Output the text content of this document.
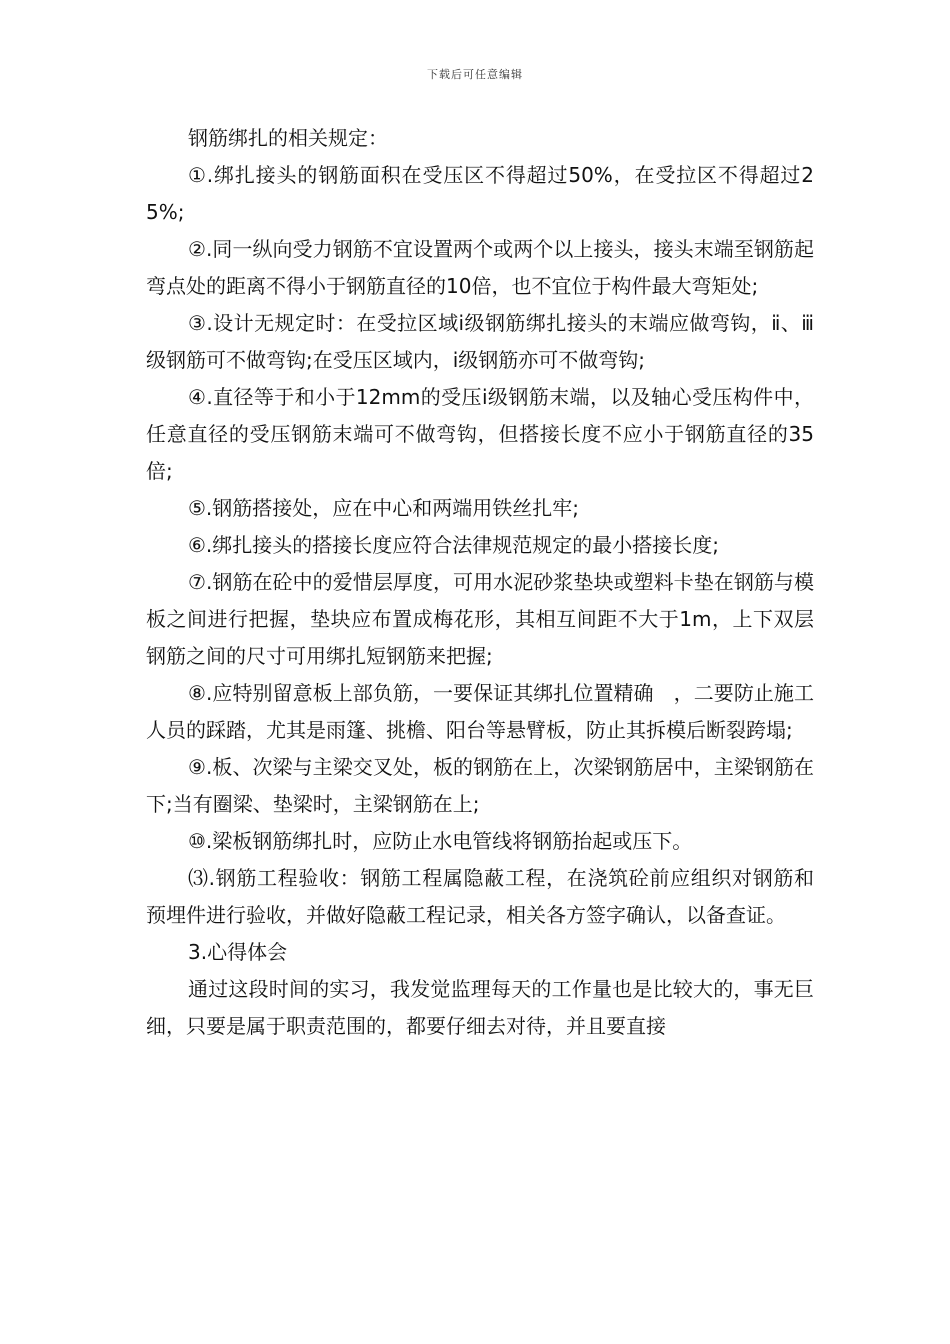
下载后可任意编辑

钢筋绑扎的相关规定：

①.绑扎接头的钢筋面积在受压区不得超过50%，在受拉区不得超过25%;

②.同一纵向受力钢筋不宜设置两个或两个以上接头，接头末端至钢筋起弯点处的距离不得小于钢筋直径的10倍，也不宜位于构件最大弯矩处;

③.设计无规定时：在受拉区域ⅰ级钢筋绑扎接头的末端应做弯钩，ⅱ、ⅲ级钢筋可不做弯钩;在受压区域内，ⅰ级钢筋亦可不做弯钩;

④.直径等于和小于12mm的受压ⅰ级钢筋末端，以及轴心受压构件中，任意直径的受压钢筋末端可不做弯钩，但搭接长度不应小于钢筋直径的35倍;

⑤.钢筋搭接处，应在中心和两端用铁丝扎牢;

⑥.绑扎接头的搭接长度应符合法律规范规定的最小搭接长度;

⑦.钢筋在砼中的爱惜层厚度，可用水泥砂浆垫块或塑料卡垫在钢筋与模板之间进行把握，垫块应布置成梅花形，其相互间距不大于1m，上下双层钢筋之间的尺寸可用绑扎短钢筋来把握;

⑧.应特别留意板上部负筋，一要保证其绑扎位置精确　，二要防止施工人员的踩踏，尤其是雨篷、挑檐、阳台等悬臂板，防止其拆模后断裂跨塌;

⑨.板、次梁与主梁交叉处，板的钢筋在上，次梁钢筋居中，主梁钢筋在下;当有圈梁、垫梁时，主梁钢筋在上;

⑩.梁板钢筋绑扎时，应防止水电管线将钢筋抬起或压下。

⑶.钢筋工程验收：钢筋工程属隐蔽工程，在浇筑砼前应组织对钢筋和预埋件进行验收，并做好隐蔽工程记录，相关各方签字确认，以备查证。

3.心得体会

通过这段时间的实习，我发觉监理每天的工作量也是比较大的，事无巨细，只要是属于职责范围的，都要仔细去对待，并且要直接
